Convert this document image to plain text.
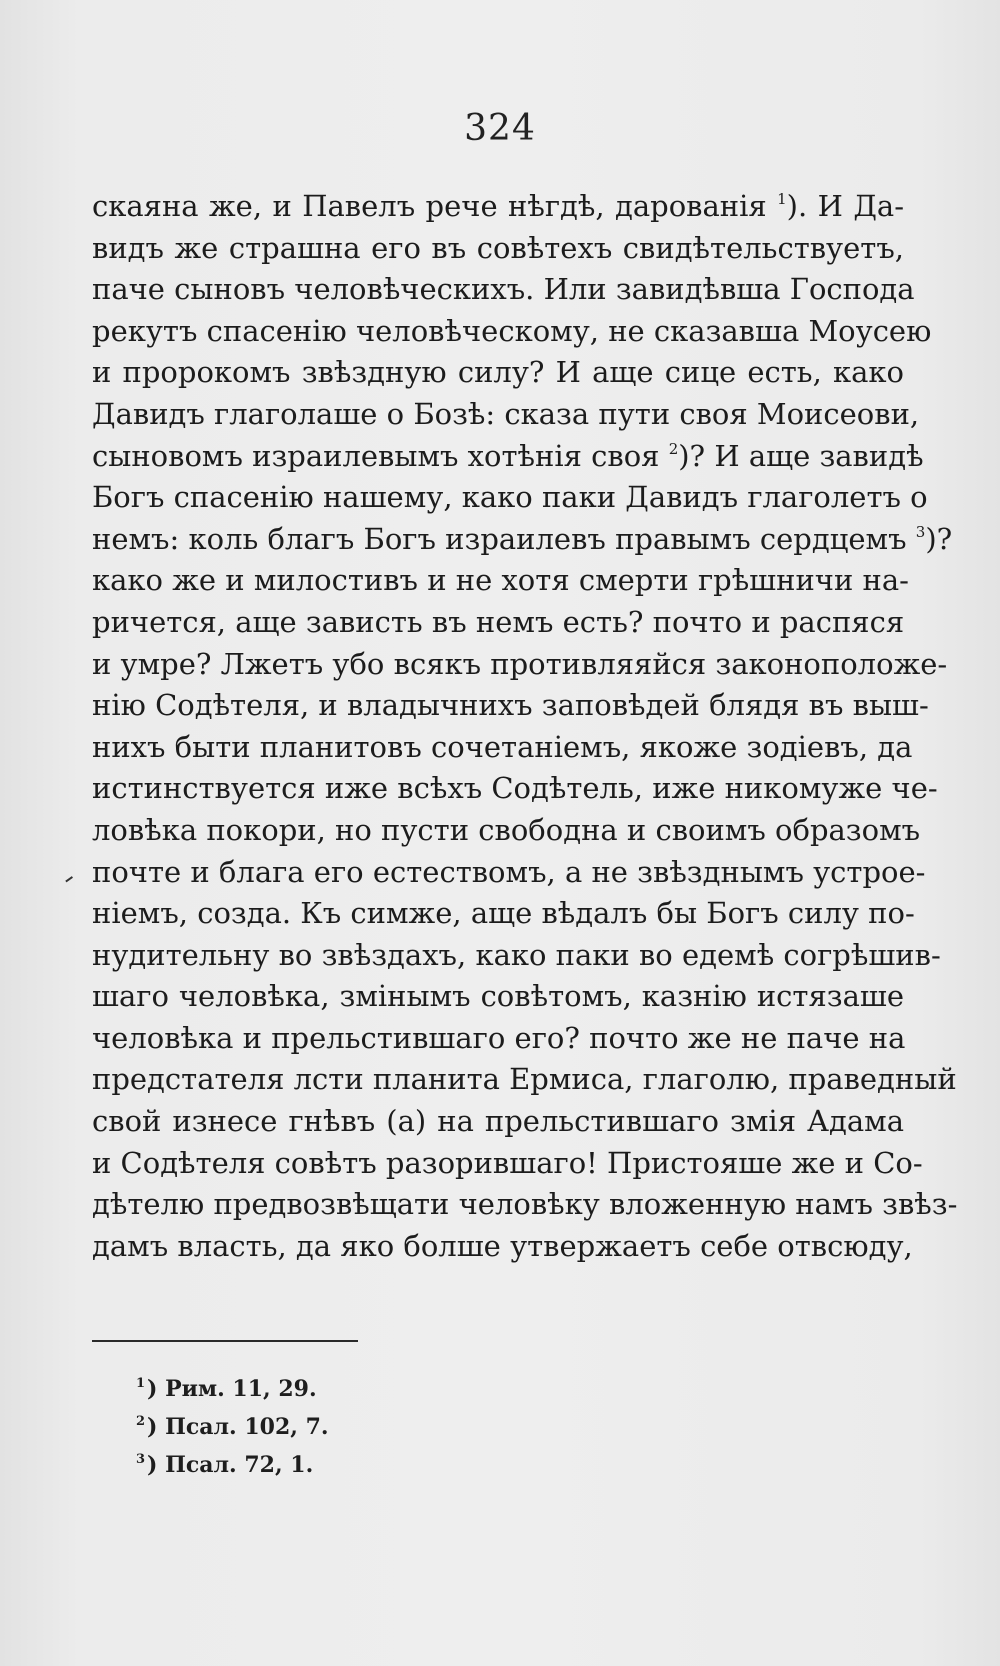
324
скаяна же, и Павелъ рече нѣгдѣ, дарованія $^1$). И Да-
видъ же страшна его въ совѣтехъ свидѣтельствуетъ,
паче сыновъ человѣческихъ. Или завидѣвша Господа
рекутъ спасенію человѣческому, не сказавша Моусею
и пророкомъ звѣздную силу? И аще сице есть, како
Давидъ глаголаше о Бозѣ: сказа пути своя Моисеови,
сыновомъ израилевымъ хотѣнія своя $^2$)? И аще завидѣ
Богъ спасенію нашему, како паки Давидъ глаголетъ о
немъ: коль благъ Богъ израилевъ правымъ сердцемъ $^3$)?
како же и милостивъ и не хотя смерти грѣшничи на-
ричется, аще зависть въ немъ есть? почто и распяся
и умре? Лжетъ убо всякъ противляяйся законоположе-
нію Содѣтеля, и владычнихъ заповѣдей блядя въ выш-
нихъ быти планитовъ сочетаніемъ, якоже зодіевъ, да
истинствуется иже всѣхъ Содѣтель, иже никомуже че-
ловѣка покори, но пусти свободна и своимъ образомъ
почте и блага его естествомъ, а не звѣзднымъ устрое-
ніемъ, созда. Къ симже, аще вѣдалъ бы Богъ силу по-
нудительну во звѣздахъ, како паки во едемѣ согрѣшив-
шаго человѣка, змінымъ совѣтомъ, казнію истязаше
человѣка и прельстившаго его? почто же не паче на
предстателя лсти планита Ермиса, глаголю, праведный
свой изнесе гнѣвъ (а) на прельстившаго змія Адама
и Содѣтеля совѣтъ разорившаго! Пристояше же и Со-
дѣтелю предвозвѣщати человѣку вложенную намъ звѣз-
дамъ власть, да яко болше утвержаетъ себе отвсюду,
$^1$) Рим. 11, 29.
$^2$) Псал. 102, 7.
$^3$) Псал. 72, 1.
